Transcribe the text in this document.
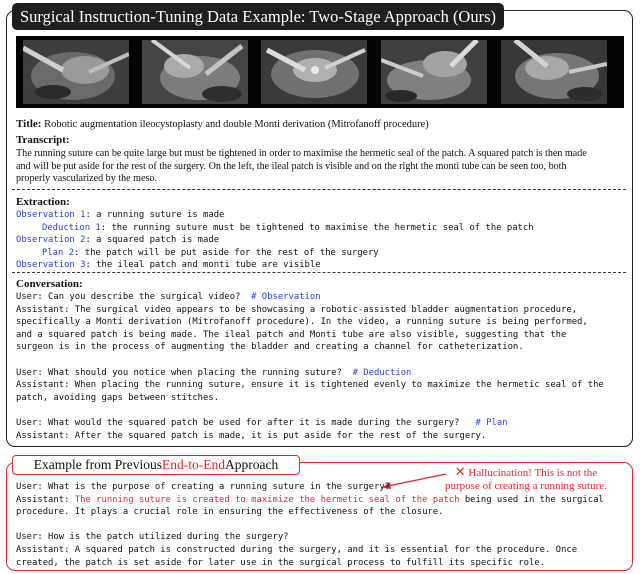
Surgical Instruction-Tuning Data Example: Two-Stage Approach (Ours)
Title: Robotic augmentation ileocystoplasty and double Monti derivation (Mitrofanoff procedure)
Transcript:
The running suture can be quite large but must be tightened in order to maximise the hermetic seal of the patch. A squared patch is then made
and will be put aside for the rest of the surgery. On the left, the ileal patch is visible and on the right the monti tube can be seen too, both
properly vascularized by the meso.
Extraction:
Observation 1: a running suture is made
Deduction 1: the running suture must be tightened to maximise the hermetic seal of the patch
Observation 2: a squared patch is made
Plan 2: the patch will be put aside for the rest of the surgery
Observation 3: the ileal patch and monti tube are visible
Conversation:
User: Can you describe the surgical video?  # Observation
Assistant: The surgical video appears to be showcasing a robotic-assisted bladder augmentation procedure,
specifically a Monti derivation (Mitrofanoff procedure). In the video, a running suture is being performed,
and a squared patch is being made. The ileal patch and Monti tube are also visible, suggesting that the
surgeon is in the process of augmenting the bladder and creating a channel for catheterization.
User: What should you notice when placing the running suture?  # Deduction
Assistant: When placing the running suture, ensure it is tightened evenly to maximize the hermetic seal of the
patch, avoiding gaps between stitches.
User: What would the squared patch be used for after it is made during the surgery?   # Plan
Assistant: After the squared patch is made, it is put aside for the rest of the surgery.
Example from Previous End-to-End Approach
✕ Hallucination! This is not the
purpose of creating a running suture.
User: What is the purpose of creating a running suture in the surgery?
Assistant: The running suture is created to maximize the hermetic seal of the patch being used in the surgical
procedure. It plays a crucial role in ensuring the effectiveness of the closure.
User: How is the patch utilized during the surgery?
Assistant: A squared patch is constructed during the surgery, and it is essential for the procedure. Once
created, the patch is set aside for later use in the surgical process to fulfill its specific role.
